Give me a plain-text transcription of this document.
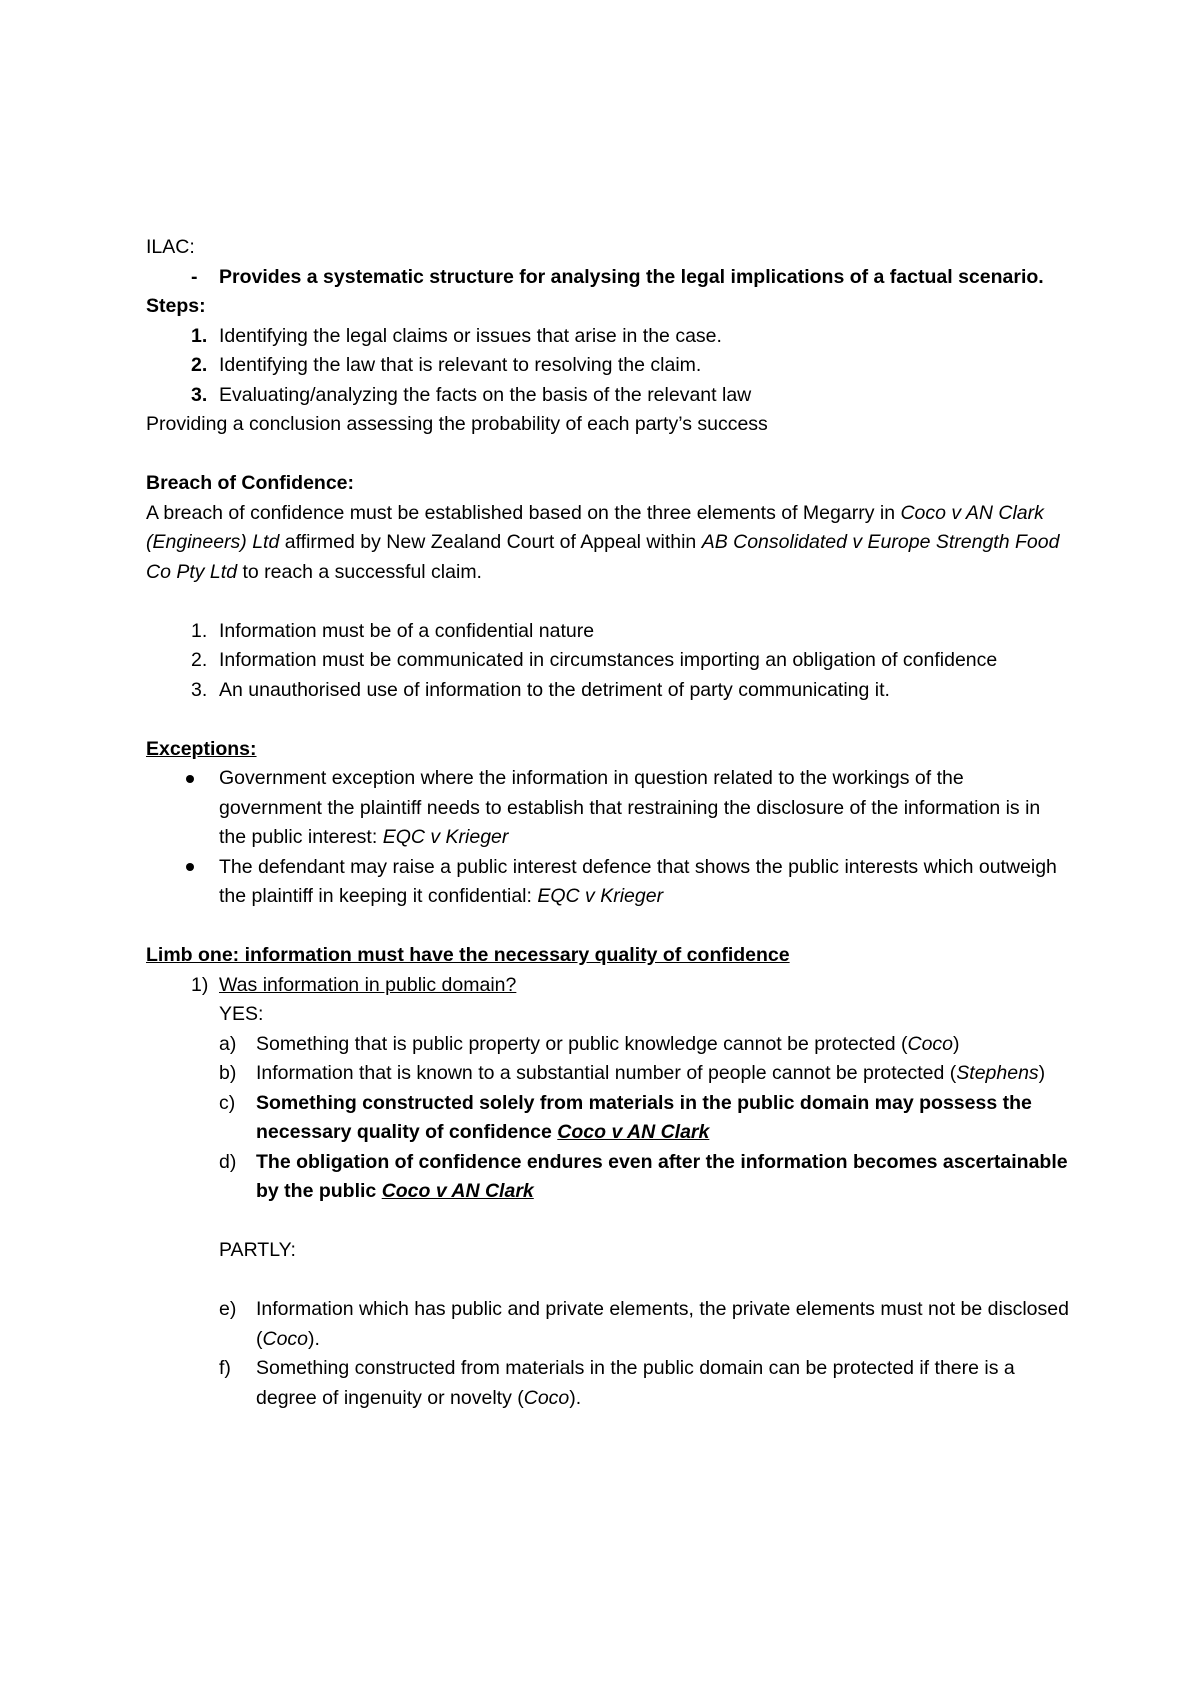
ILAC:
-	Provides a systematic structure for analysing the legal implications of a factual scenario.
Steps:
1. Identifying the legal claims or issues that arise in the case.
2. Identifying the law that is relevant to resolving the claim.
3. Evaluating/analyzing the facts on the basis of the relevant law
Providing a conclusion assessing the probability of each party’s success
Breach of Confidence:
A breach of confidence must be established based on the three elements of Megarry in Coco v AN Clark (Engineers) Ltd affirmed by New Zealand Court of Appeal within AB Consolidated v Europe Strength Food Co Pty Ltd to reach a successful claim.
1. Information must be of a confidential nature
2. Information must be communicated in circumstances importing an obligation of confidence
3. An unauthorised use of information to the detriment of party communicating it.
Exceptions:
Government exception where the information in question related to the workings of the government the plaintiff needs to establish that restraining the disclosure of the information is in the public interest: EQC v Krieger
The defendant may raise a public interest defence that shows the public interests which outweigh the plaintiff in keeping it confidential: EQC v Krieger
Limb one: information must have the necessary quality of confidence
1) Was information in public domain?
YES:
a)	Something that is public property or public knowledge cannot be protected (Coco)
b)	Information that is known to a substantial number of people cannot be protected (Stephens)
c)	Something constructed solely from materials in the public domain may possess the necessary quality of confidence Coco v AN Clark
d)	The obligation of confidence endures even after the information becomes ascertainable by the public Coco v AN Clark
PARTLY:
e)	Information which has public and private elements, the private elements must not be disclosed (Coco).
f)	Something constructed from materials in the public domain can be protected if there is a degree of ingenuity or novelty (Coco).
